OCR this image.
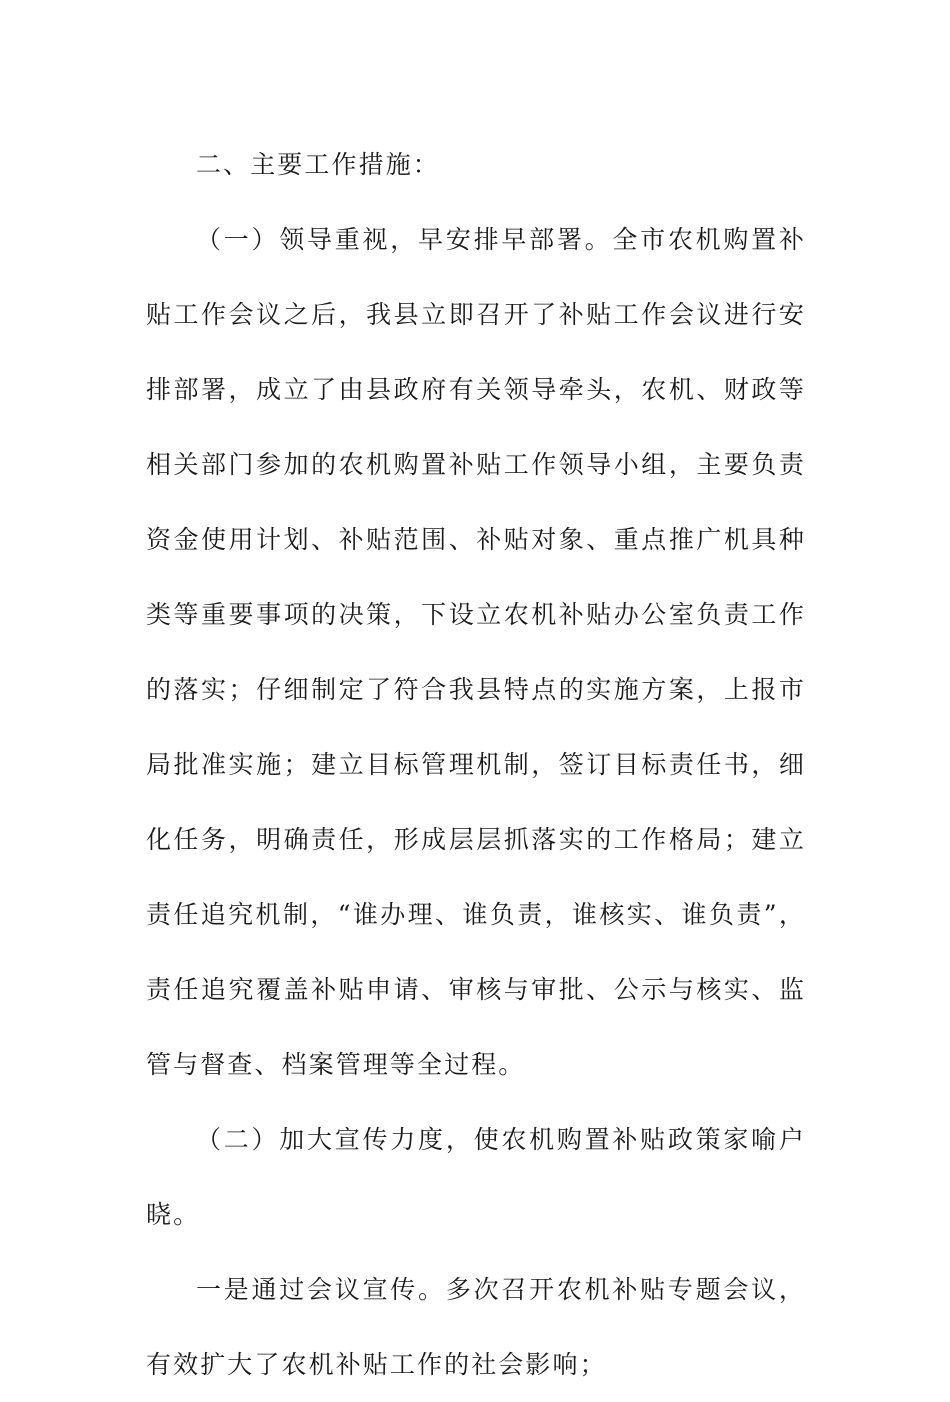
二、主要工作措施：

（一）领导重视，早安排早部署。全市农机购置补贴工作会议之后，我县立即召开了补贴工作会议进行安排部署，成立了由县政府有关领导牵头，农机、财政等相关部门参加的农机购置补贴工作领导小组，主要负责资金使用计划、补贴范围、补贴对象、重点推广机具种类等重要事项的决策，下设立农机补贴办公室负责工作的落实；仔细制定了符合我县特点的实施方案，上报市局批准实施；建立目标管理机制，签订目标责任书，细化任务，明确责任，形成层层抓落实的工作格局；建立责任追究机制，“谁办理、谁负责，谁核实、谁负责”，责任追究覆盖补贴申请、审核与审批、公示与核实、监管与督查、档案管理等全过程。

（二）加大宣传力度，使农机购置补贴政策家喻户晓。

一是通过会议宣传。多次召开农机补贴专题会议，有效扩大了农机补贴工作的社会影响；
